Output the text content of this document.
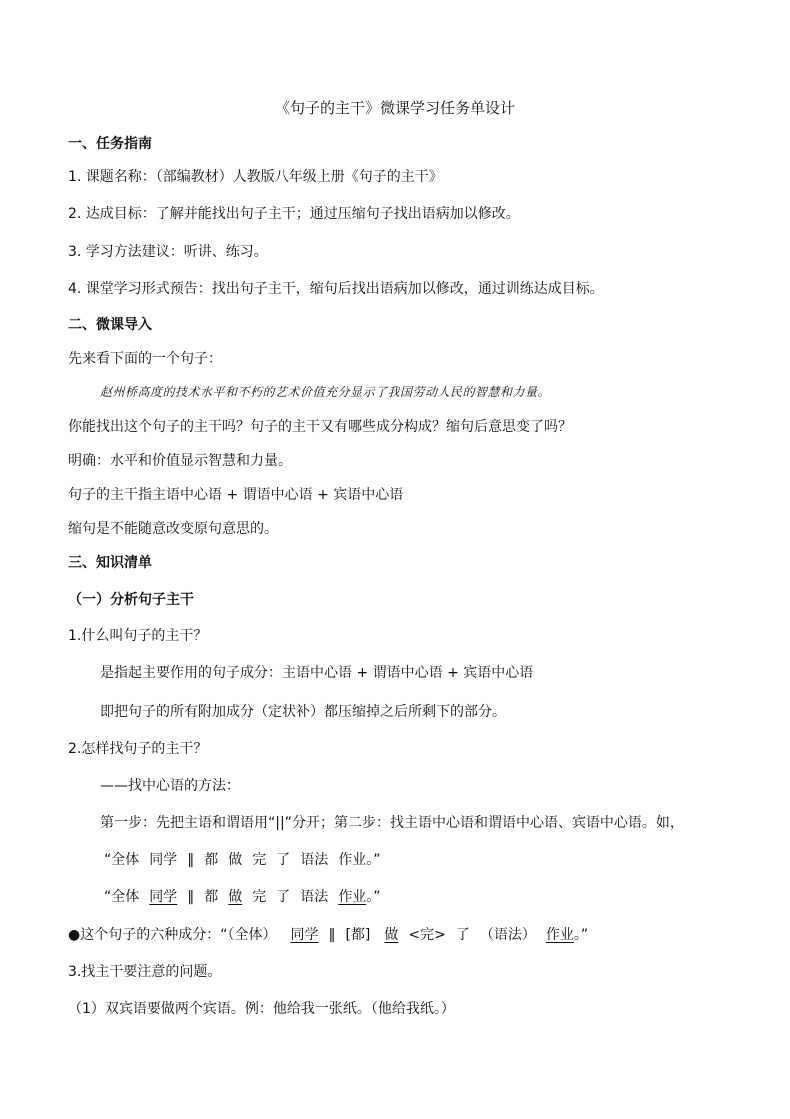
《句子的主干》微课学习任务单设计
一、任务指南
1. 课题名称：（部编教材）人教版八年级上册《句子的主干》
2. 达成目标：了解并能找出句子主干；通过压缩句子找出语病加以修改。
3. 学习方法建议：听讲、练习。
4. 课堂学习形式预告：找出句子主干，缩句后找出语病加以修改，通过训练达成目标。
二、微课导入
先来看下面的一个句子：
赵州桥高度的技术水平和不朽的艺术价值充分显示了我国劳动人民的智慧和力量。
你能找出这个句子的主干吗？句子的主干又有哪些成分构成？缩句后意思变了吗？
明确：水平和价值显示智慧和力量。
句子的主干指主语中心语 + 谓语中心语 + 宾语中心语
缩句是不能随意改变原句意思的。
三、知识清单
（一）分析句子主干
1.什么叫句子的主干？
是指起主要作用的句子成分：主语中心语 + 谓语中心语 + 宾语中心语
即把句子的所有附加成分（定状补）都压缩掉之后所剩下的部分。
2.怎样找句子的主干？
——找中心语的方法：
第一步：先把主语和谓语用“||”分开；第二步：找主语中心语和谓语中心语、宾语中心语。如，
“全体 同学 ‖ 都 做 完 了 语法 作业。”
“全体 同学 ‖ 都 做 完 了 语法 作业。”
●这个句子的六种成分：“（全体） 同学 ‖ [都] 做 <完> 了 （语法） 作业。”
3.找主干要注意的问题。
（1）双宾语要做两个宾语。例：他给我一张纸。（他给我纸。）
